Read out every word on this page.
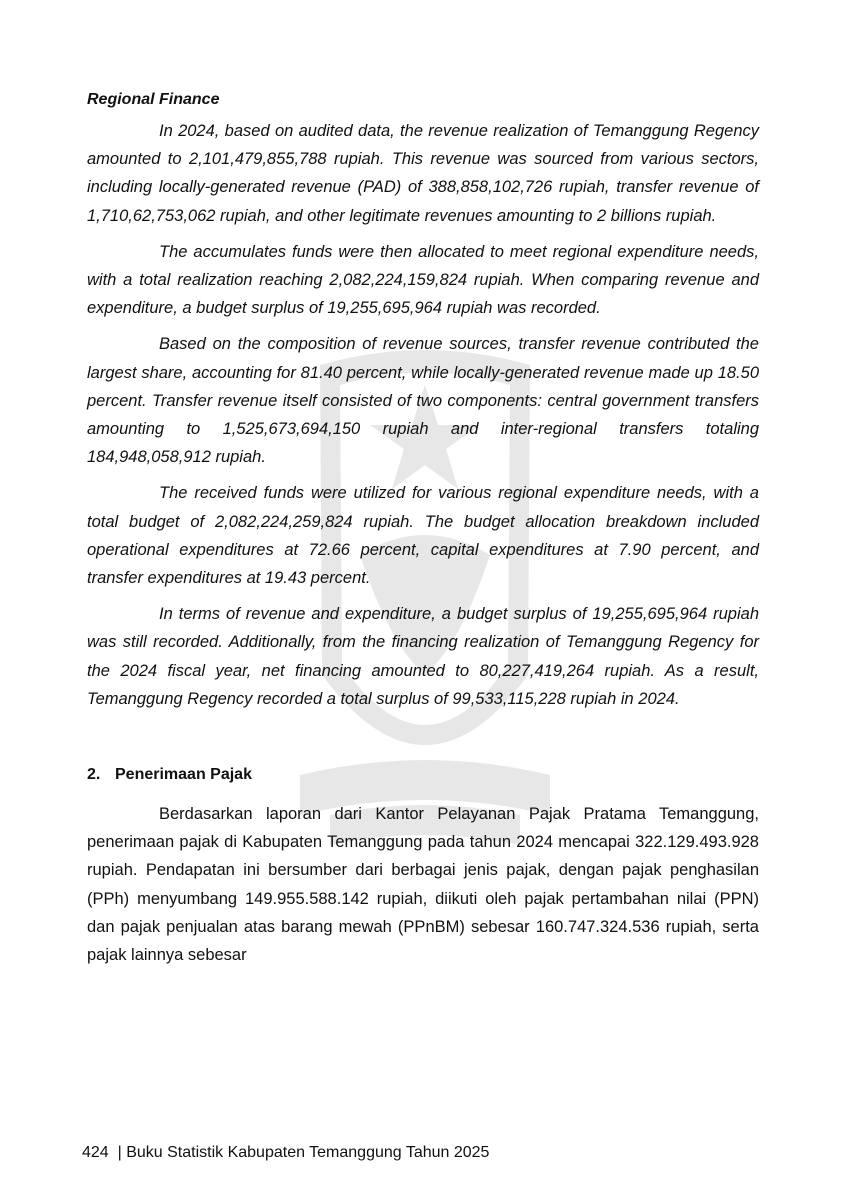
Regional Finance

In 2024, based on audited data, the revenue realization of Temanggung Regency amounted to 2,101,479,855,788 rupiah. This revenue was sourced from various sectors, including locally-generated revenue (PAD) of 388,858,102,726 rupiah, transfer revenue of 1,710,62,753,062 rupiah, and other legitimate revenues amounting to 2 billions rupiah.

The accumulates funds were then allocated to meet regional expenditure needs, with a total realization reaching 2,082,224,159,824 rupiah. When comparing revenue and expenditure, a budget surplus of 19,255,695,964 rupiah was recorded.

Based on the composition of revenue sources, transfer revenue contributed the largest share, accounting for 81.40 percent, while locally-generated revenue made up 18.50 percent. Transfer revenue itself consisted of two components: central government transfers amounting to 1,525,673,694,150 rupiah and inter-regional transfers totaling 184,948,058,912 rupiah.

The received funds were utilized for various regional expenditure needs, with a total budget of 2,082,224,259,824 rupiah. The budget allocation breakdown included operational expenditures at 72.66 percent, capital expenditures at 7.90 percent, and transfer expenditures at 19.43 percent.

In terms of revenue and expenditure, a budget surplus of 19,255,695,964 rupiah was still recorded. Additionally, from the financing realization of Temanggung Regency for the 2024 fiscal year, net financing amounted to 80,227,419,264 rupiah. As a result, Temanggung Regency recorded a total surplus of 99,533,115,228 rupiah in 2024.

2. Penerimaan Pajak

Berdasarkan laporan dari Kantor Pelayanan Pajak Pratama Temanggung, penerimaan pajak di Kabupaten Temanggung pada tahun 2024 mencapai 322.129.493.928 rupiah. Pendapatan ini bersumber dari berbagai jenis pajak, dengan pajak penghasilan (PPh) menyumbang 149.955.588.142 rupiah, diikuti oleh pajak pertambahan nilai (PPN) dan pajak penjualan atas barang mewah (PPnBM) sebesar 160.747.324.536 rupiah, serta pajak lainnya sebesar

424 | Buku Statistik Kabupaten Temanggung Tahun 2025
